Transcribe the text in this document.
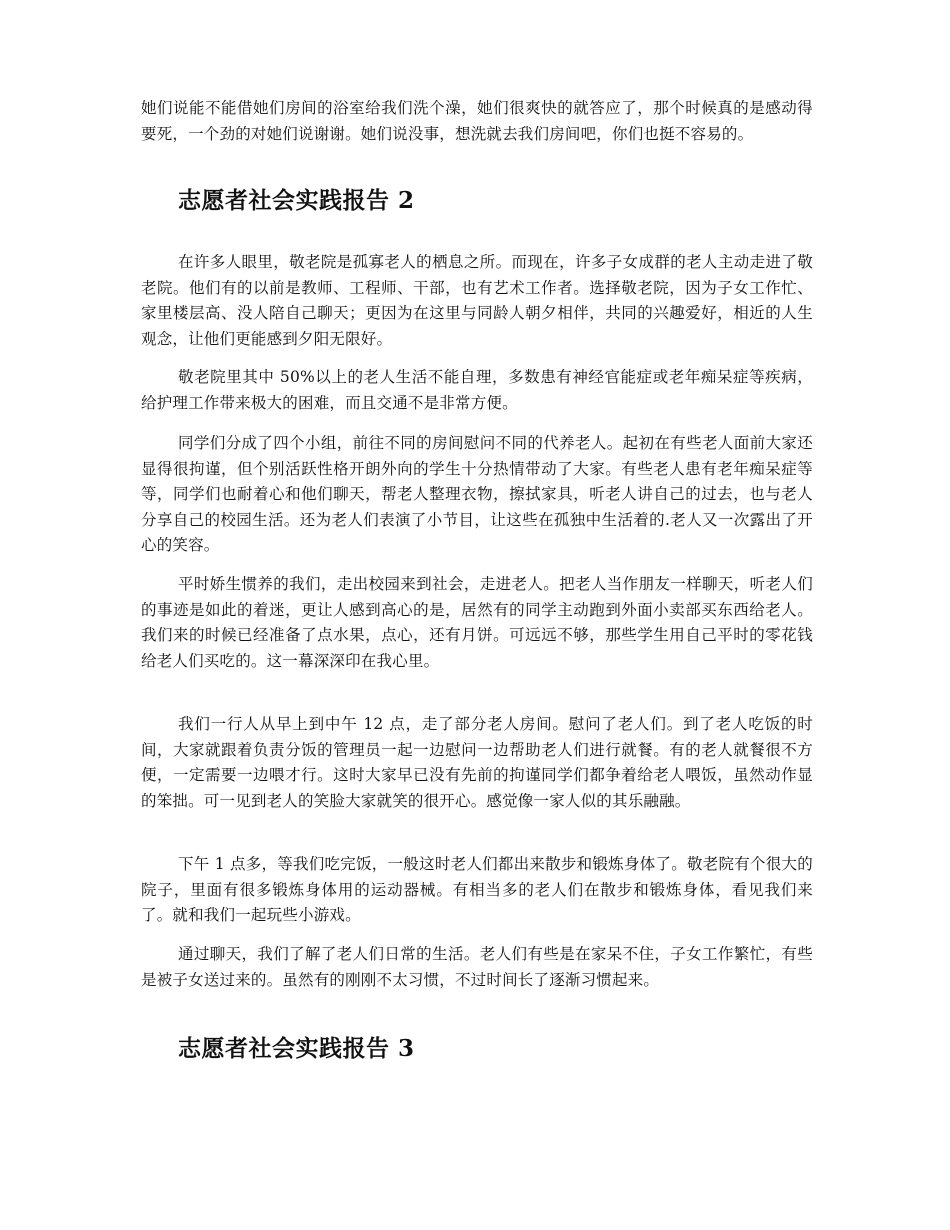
她们说能不能借她们房间的浴室给我们洗个澡，她们很爽快的就答应了，那个时候真的是感动得要死，一个劲的对她们说谢谢。她们说没事，想洗就去我们房间吧，你们也挺不容易的。

志愿者社会实践报告 2

在许多人眼里，敬老院是孤寡老人的栖息之所。而现在，许多子女成群的老人主动走进了敬老院。他们有的以前是教师、工程师、干部，也有艺术工作者。选择敬老院，因为子女工作忙、家里楼层高、没人陪自己聊天；更因为在这里与同龄人朝夕相伴，共同的兴趣爱好，相近的人生观念，让他们更能感到夕阳无限好。

敬老院里其中 50%以上的老人生活不能自理，多数患有神经官能症或老年痴呆症等疾病，给护理工作带来极大的困难，而且交通不是非常方便。

同学们分成了四个小组，前往不同的房间慰问不同的代养老人。起初在有些老人面前大家还显得很拘谨，但个别活跃性格开朗外向的学生十分热情带动了大家。有些老人患有老年痴呆症等等，同学们也耐着心和他们聊天，帮老人整理衣物，擦拭家具，听老人讲自己的过去，也与老人分享自己的校园生活。还为老人们表演了小节目，让这些在孤独中生活着的.老人又一次露出了开心的笑容。

平时娇生惯养的我们，走出校园来到社会，走进老人。把老人当作朋友一样聊天，听老人们的事迹是如此的着迷，更让人感到高心的是，居然有的同学主动跑到外面小卖部买东西给老人。我们来的时候已经准备了点水果，点心，还有月饼。可远远不够，那些学生用自己平时的零花钱给老人们买吃的。这一幕深深印在我心里。

我们一行人从早上到中午 12 点，走了部分老人房间。慰问了老人们。到了老人吃饭的时间，大家就跟着负责分饭的管理员一起一边慰问一边帮助老人们进行就餐。有的老人就餐很不方便，一定需要一边喂才行。这时大家早已没有先前的拘谨同学们都争着给老人喂饭，虽然动作显的笨拙。可一见到老人的笑脸大家就笑的很开心。感觉像一家人似的其乐融融。

下午 1 点多，等我们吃完饭，一般这时老人们都出来散步和锻炼身体了。敬老院有个很大的院子，里面有很多锻炼身体用的运动器械。有相当多的老人们在散步和锻炼身体，看见我们来了。就和我们一起玩些小游戏。

通过聊天，我们了解了老人们日常的生活。老人们有些是在家呆不住，子女工作繁忙，有些是被子女送过来的。虽然有的刚刚不太习惯，不过时间长了逐渐习惯起来。

志愿者社会实践报告 3
